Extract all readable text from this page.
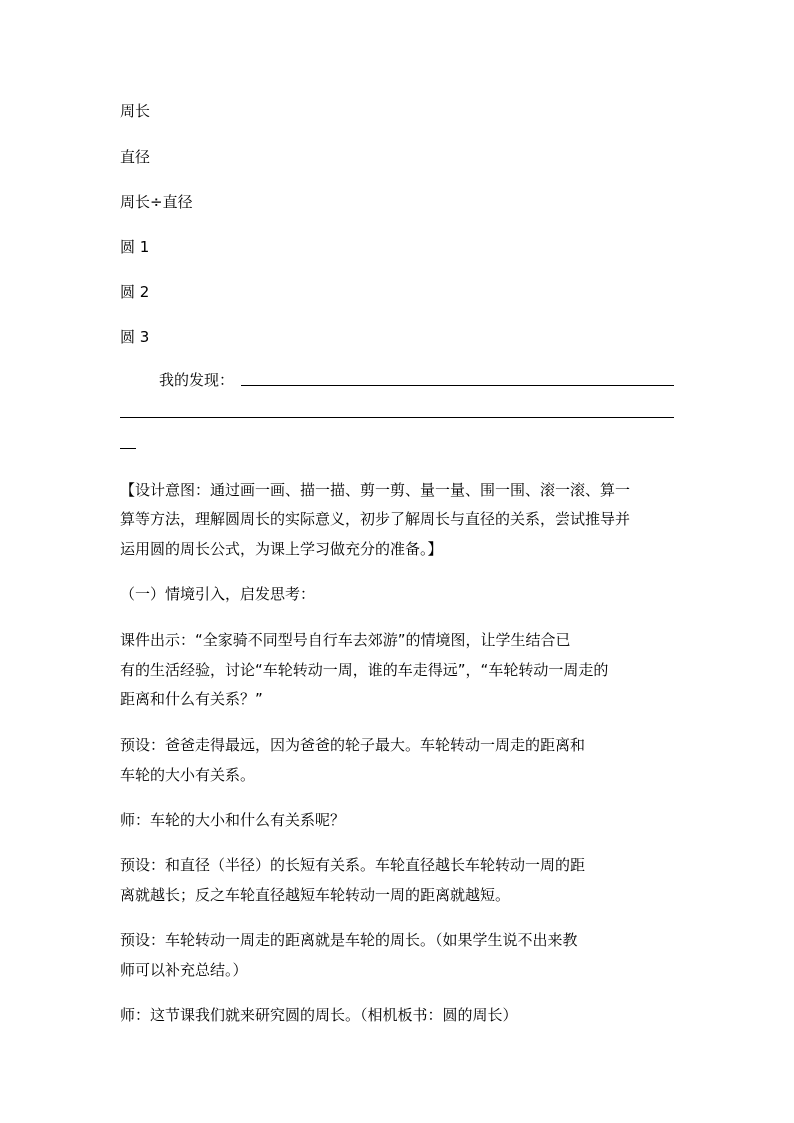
周长
直径
周长÷直径
圆 1
圆 2
圆 3
我的发现：
【设计意图：通过画一画、描一描、剪一剪、量一量、围一围、滚一滚、算一
算等方法，理解圆周长的实际意义，初步了解周长与直径的关系，尝试推导并
运用圆的周长公式，为课上学习做充分的准备。】
（一）情境引入，启发思考：
课件出示：“全家骑不同型号自行车去郊游”的情境图，让学生结合已
有的生活经验，讨论“车轮转动一周，谁的车走得远”，“车轮转动一周走的
距离和什么有关系？”
预设：爸爸走得最远，因为爸爸的轮子最大。车轮转动一周走的距离和
车轮的大小有关系。
师：车轮的大小和什么有关系呢？
预设：和直径（半径）的长短有关系。车轮直径越长车轮转动一周的距
离就越长；反之车轮直径越短车轮转动一周的距离就越短。
预设：车轮转动一周走的距离就是车轮的周长。（如果学生说不出来教
师可以补充总结。）
师：这节课我们就来研究圆的周长。（相机板书：圆的周长）
